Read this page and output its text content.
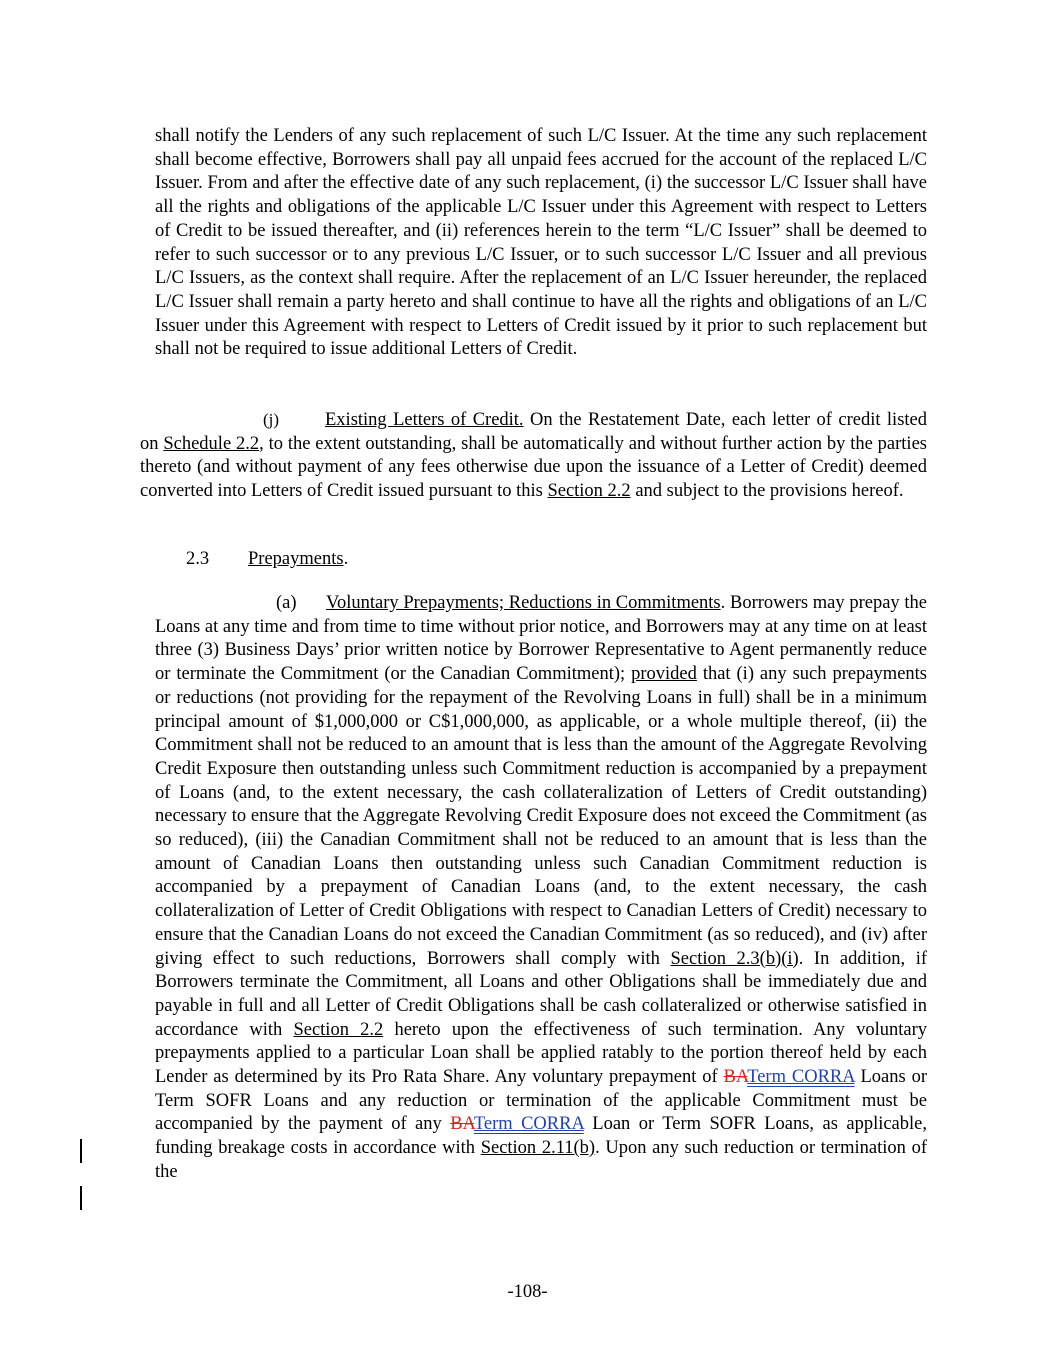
shall notify the Lenders of any such replacement of such L/C Issuer. At the time any such replacement shall become effective, Borrowers shall pay all unpaid fees accrued for the account of the replaced L/C Issuer. From and after the effective date of any such replacement, (i) the successor L/C Issuer shall have all the rights and obligations of the applicable L/C Issuer under this Agreement with respect to Letters of Credit to be issued thereafter, and (ii) references herein to the term “L/C Issuer” shall be deemed to refer to such successor or to any previous L/C Issuer, or to such successor L/C Issuer and all previous L/C Issuers, as the context shall require. After the replacement of an L/C Issuer hereunder, the replaced L/C Issuer shall remain a party hereto and shall continue to have all the rights and obligations of an L/C Issuer under this Agreement with respect to Letters of Credit issued by it prior to such replacement but shall not be required to issue additional Letters of Credit.
(j) Existing Letters of Credit. On the Restatement Date, each letter of credit listed on Schedule 2.2, to the extent outstanding, shall be automatically and without further action by the parties thereto (and without payment of any fees otherwise due upon the issuance of a Letter of Credit) deemed converted into Letters of Credit issued pursuant to this Section 2.2 and subject to the provisions hereof.
2.3 Prepayments.
(a) Voluntary Prepayments; Reductions in Commitments. Borrowers may prepay the Loans at any time and from time to time without prior notice, and Borrowers may at any time on at least three (3) Business Days’ prior written notice by Borrower Representative to Agent permanently reduce or terminate the Commitment (or the Canadian Commitment); provided that (i) any such prepayments or reductions (not providing for the repayment of the Revolving Loans in full) shall be in a minimum principal amount of $1,000,000 or C$1,000,000, as applicable, or a whole multiple thereof, (ii) the Commitment shall not be reduced to an amount that is less than the amount of the Aggregate Revolving Credit Exposure then outstanding unless such Commitment reduction is accompanied by a prepayment of Loans (and, to the extent necessary, the cash collateralization of Letters of Credit outstanding) necessary to ensure that the Aggregate Revolving Credit Exposure does not exceed the Commitment (as so reduced), (iii) the Canadian Commitment shall not be reduced to an amount that is less than the amount of Canadian Loans then outstanding unless such Canadian Commitment reduction is accompanied by a prepayment of Canadian Loans (and, to the extent necessary, the cash collateralization of Letter of Credit Obligations with respect to Canadian Letters of Credit) necessary to ensure that the Canadian Loans do not exceed the Canadian Commitment (as so reduced), and (iv) after giving effect to such reductions, Borrowers shall comply with Section 2.3(b)(i). In addition, if Borrowers terminate the Commitment, all Loans and other Obligations shall be immediately due and payable in full and all Letter of Credit Obligations shall be cash collateralized or otherwise satisfied in accordance with Section 2.2 hereto upon the effectiveness of such termination. Any voluntary prepayments applied to a particular Loan shall be applied ratably to the portion thereof held by each Lender as determined by its Pro Rata Share. Any voluntary prepayment of BATerm CORRA Loans or Term SOFR Loans and any reduction or termination of the applicable Commitment must be accompanied by the payment of any BATerm CORRA Loan or Term SOFR Loans, as applicable, funding breakage costs in accordance with Section 2.11(b). Upon any such reduction or termination of the
-108-
